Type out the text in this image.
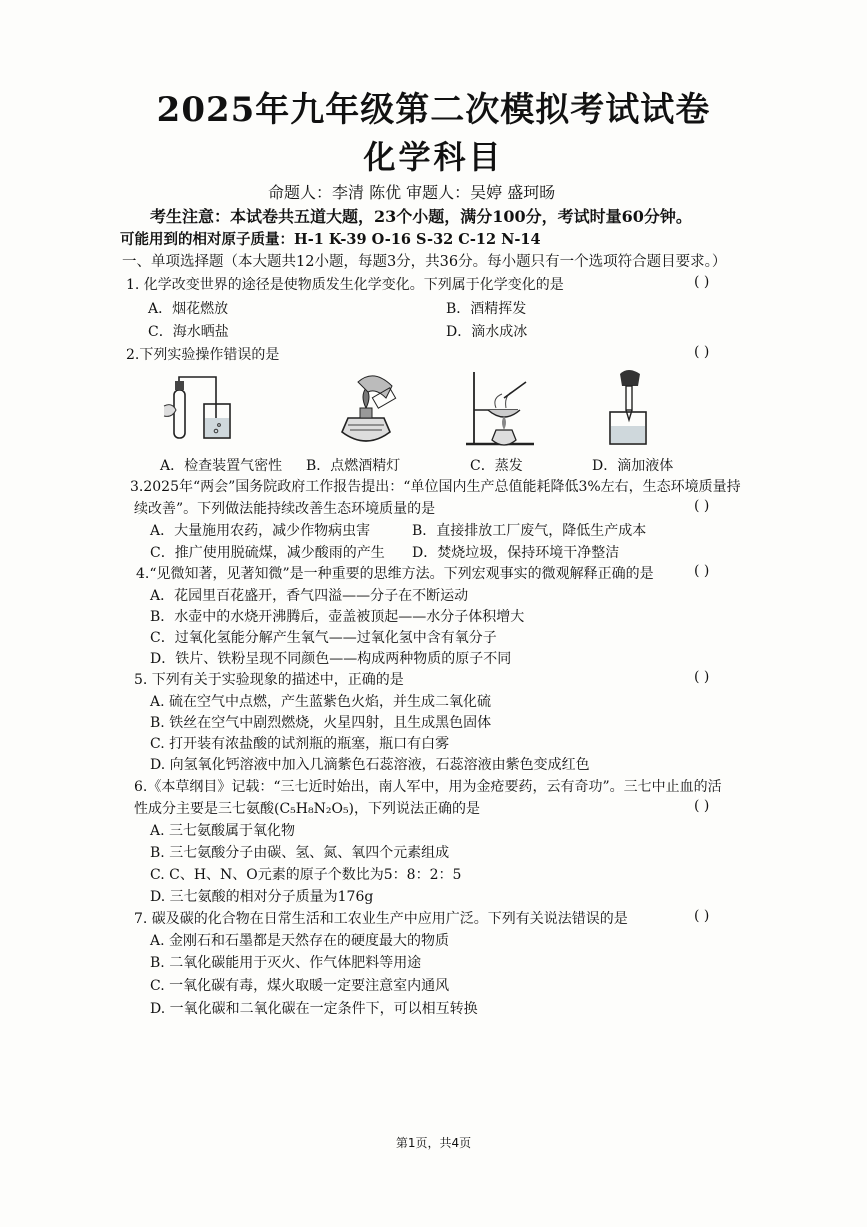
2025年九年级第二次模拟考试试卷
化学科目
命题人：李清 陈优 审题人：吴婷 盛珂旸
考生注意：本试卷共五道大题，23个小题，满分100分，考试时量60分钟。
可能用到的相对原子质量：H-1 K-39 O-16 S-32 C-12 N-14
一、单项选择题（本大题共12小题，每题3分，共36分。每小题只有一个选项符合题目要求。）
1. 化学改变世界的途径是使物质发生化学变化。下列属于化学变化的是	( )
A．烟花燃放	B．酒精挥发
C．海水晒盐	D．滴水成冰
2.下列实验操作错误的是	( )
A．检查装置气密性 B．点燃酒精灯	C．蒸发	D．滴加液体
3.2025年“两会”国务院政府工作报告提出：“单位国内生产总值能耗降低3%左右，生态环境质量持
续改善”。下列做法能持续改善生态环境质量的是	( )
A．大量施用农药，减少作物病虫害	B．直接排放工厂废气，降低生产成本
C．推广使用脱硫煤，减少酸雨的产生 D．焚烧垃圾，保持环境干净整洁
4.“见微知著，见著知微”是一种重要的思维方法。下列宏观事实的微观解释正确的是	( )
A．花园里百花盛开，香气四溢——分子在不断运动
B．水壶中的水烧开沸腾后，壶盖被顶起——水分子体积增大
C．过氧化氢能分解产生氧气——过氧化氢中含有氧分子
D．铁片、铁粉呈现不同颜色——构成两种物质的原子不同
5. 下列有关于实验现象的描述中，正确的是	( )
A. 硫在空气中点燃，产生蓝紫色火焰，并生成二氧化硫
B. 铁丝在空气中剧烈燃烧，火星四射，且生成黑色固体
C. 打开装有浓盐酸的试剂瓶的瓶塞，瓶口有白雾
D. 向氢氧化钙溶液中加入几滴紫色石蕊溶液，石蕊溶液由紫色变成红色
6.《本草纲目》记载：“三七近时始出，南人军中，用为金疮要药，云有奇功”。三七中止血的活
性成分主要是三七氨酸(C₅H₈N₂O₅)，下列说法正确的是	( )
A. 三七氨酸属于氧化物
B. 三七氨酸分子由碳、氢、氮、氧四个元素组成
C. C、H、N、O元素的原子个数比为5：8：2：5
D. 三七氨酸的相对分子质量为176g
7. 碳及碳的化合物在日常生活和工农业生产中应用广泛。下列有关说法错误的是	( )
A. 金刚石和石墨都是天然存在的硬度最大的物质
B. 二氧化碳能用于灭火、作气体肥料等用途
C. 一氧化碳有毒，煤火取暖一定要注意室内通风
D. 一氧化碳和二氧化碳在一定条件下，可以相互转换
第1页，共4页
